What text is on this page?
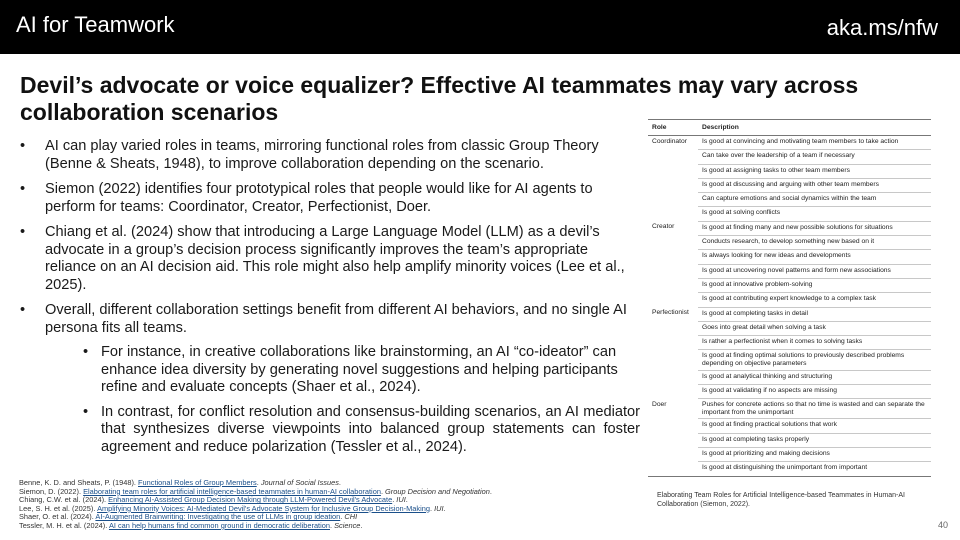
AI for Teamwork	aka.ms/nfw
Devil’s advocate or voice equalizer? Effective AI teammates may vary across collaboration scenarios
• AI can play varied roles in teams, mirroring functional roles from classic Group Theory (Benne & Sheats, 1948), to improve collaboration depending on the scenario.
• Siemon (2022) identifies four prototypical roles that people would like for AI agents to perform for teams: Coordinator, Creator, Perfectionist, Doer.
• Chiang et al. (2024) show that introducing a Large Language Model (LLM) as a devil’s advocate in a group’s decision process significantly improves the team’s appropriate reliance on an AI decision aid. This role might also help amplify minority voices (Lee et al., 2025).
• Overall, different collaboration settings benefit from different AI behaviors, and no single AI persona fits all teams.
• For instance, in creative collaborations like brainstorming, an AI “co-ideator” can enhance idea diversity by generating novel suggestions and helping participants refine and evaluate concepts (Shaer et al., 2024).
• In contrast, for conflict resolution and consensus-building scenarios, an AI mediator that synthesizes diverse viewpoints into balanced group statements can foster agreement and reduce polarization (Tessler et al., 2024).
Benne, K. D. and Sheats, P. (1948). Functional Roles of Group Members. Journal of Social Issues.
Siemon, D. (2022). Elaborating team roles for artificial intelligence-based teammates in human-AI collaboration. Group Decision and Negotiation.
Chiang, C.W. et al. (2024). Enhancing AI-Assisted Group Decision Making through LLM-Powered Devil's Advocate. IUI.
Lee, S. H. et al. (2025). Amplifying Minority Voices: AI-Mediated Devil's Advocate System for Inclusive Group Decision-Making. IUI.
Shaer, O. et al. (2024). AI-Augmented Brainwriting: Investigating the use of LLMs in group ideation. CHI
Tessler, M. H. et al. (2024). AI can help humans find common ground in democratic deliberation. Science.
Role	Description
Coordinator	Is good at convincing and motivating team members to take action
	Can take over the leadership of a team if necessary
	Is good at assigning tasks to other team members
	Is good at discussing and arguing with other team members
	Can capture emotions and social dynamics within the team
	Is good at solving conflicts
Creator	Is good at finding many and new possible solutions for situations
	Conducts research, to develop something new based on it
	Is always looking for new ideas and developments
	Is good at uncovering novel patterns and form new associations
	Is good at innovative problem-solving
	Is good at contributing expert knowledge to a complex task
Perfectionist	Is good at completing tasks in detail
	Goes into great detail when solving a task
	Is rather a perfectionist when it comes to solving tasks
	Is good at finding optimal solutions to previously described problems depending on objective parameters
	Is good at analytical thinking and structuring
	Is good at validating if no aspects are missing
Doer	Pushes for concrete actions so that no time is wasted and can separate the important from the unimportant
	Is good at finding practical solutions that work
	Is good at completing tasks properly
	Is good at prioritizing and making decisions
	Is good at distinguishing the unimportant from important
Elaborating Team Roles for Artificial Intelligence-based Teammates in Human-AI Collaboration (Siemon, 2022).
40
